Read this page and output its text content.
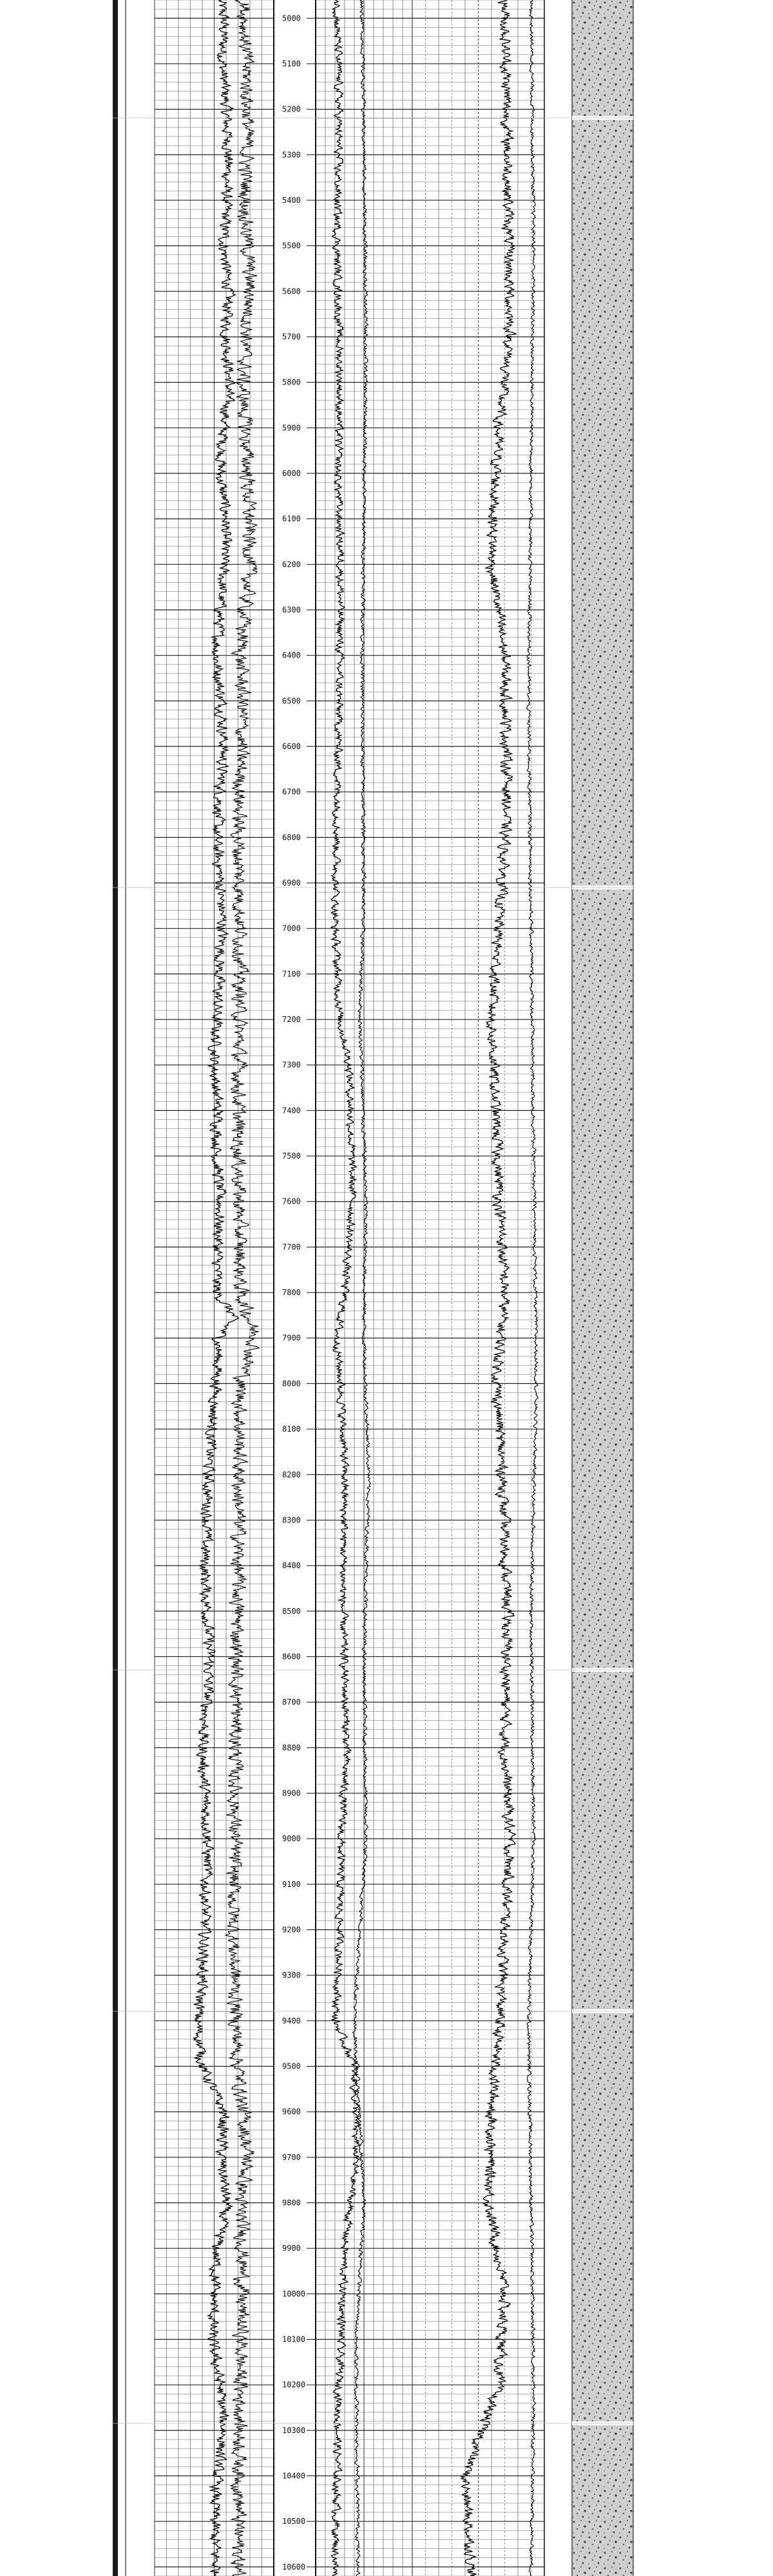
5000
5100
5200
5300
5400
5500
5600
5700
5800
5900
6000
6100
6200
6300
6400
6500
6600
6700
6800
6900
7000
7100
7200
7300
7400
7500
7600
7700
7800
7900
8000
8100
8200
8300
8400
8500
8600
8700
8800
8900
9000
9100
9200
9300
9400
9500
9600
9700
9800
9900
10000
10100
10200
10300
10400
10500
10600
